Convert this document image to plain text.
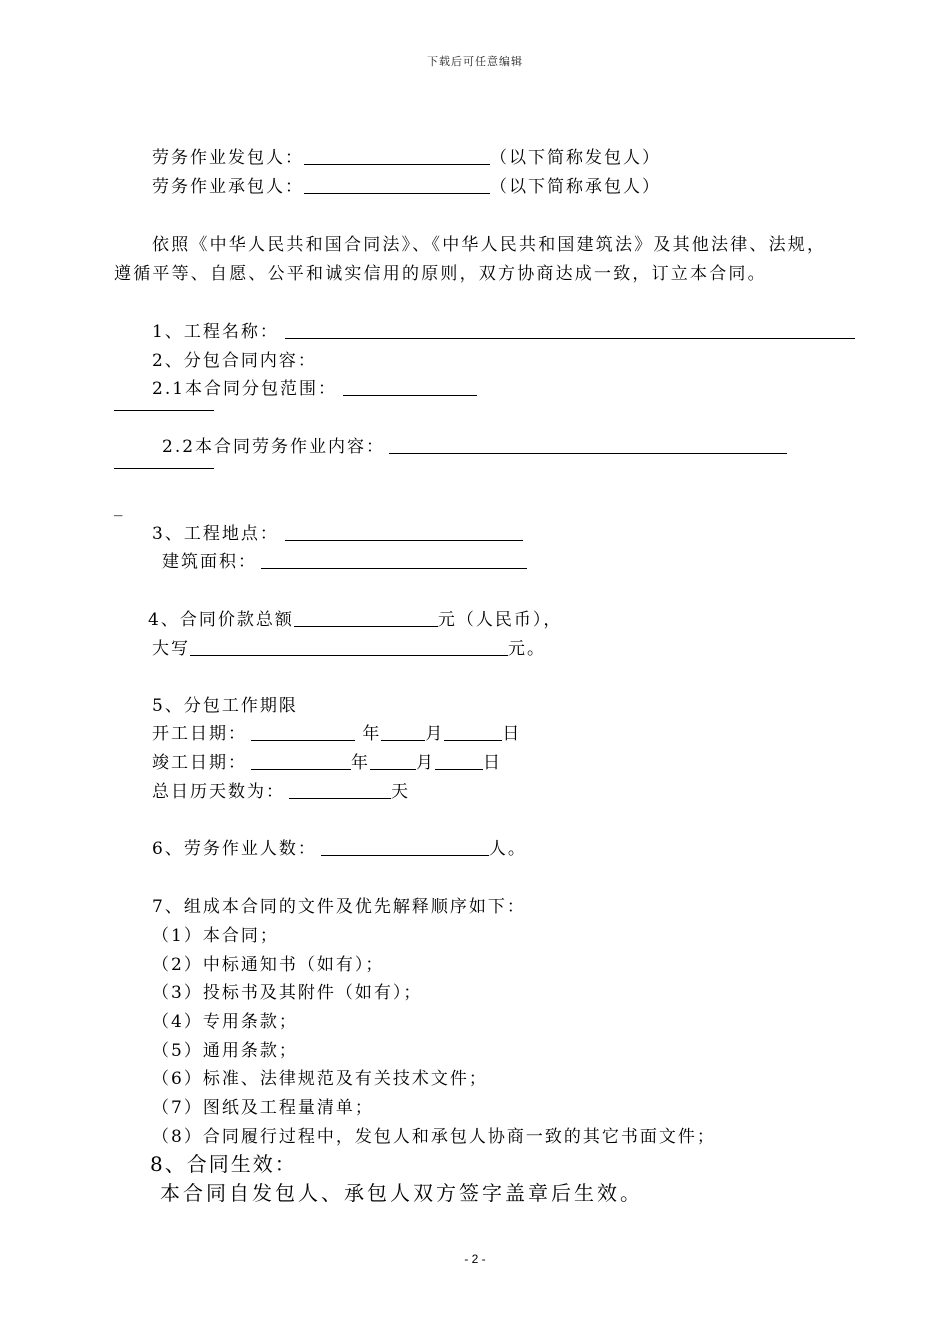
下载后可任意编辑
劳务作业发包人：	（以下简称发包人）
劳务作业承包人：	（以下简称承包人）
依照《中华人民共和国合同法》、《中华人民共和国建筑法》及其他法律、法规，
遵循平等、自愿、公平和诚实信用的原则，双方协商达成一致，订立本合同。
1、工程名称：
2、分包合同内容：
2.1本合同分包范围：
2.2本合同劳务作业内容：
_
3、工程地点：
建筑面积：
4、合同价款总额	元（人民币），
大写	元。
5、分包工作期限
开工日期：	年	月	日
竣工日期：	年	月	日
总日历天数为：	天
6、劳务作业人数：	人。
7、组成本合同的文件及优先解释顺序如下：
（1）本合同；
（2）中标通知书（如有）；
（3）投标书及其附件（如有）；
（4）专用条款；
（5）通用条款；
（6）标准、法律规范及有关技术文件；
（7）图纸及工程量清单；
（8）合同履行过程中，发包人和承包人协商一致的其它书面文件；
8、合同生效：
本合同自发包人、承包人双方签字盖章后生效。
- 2 -
